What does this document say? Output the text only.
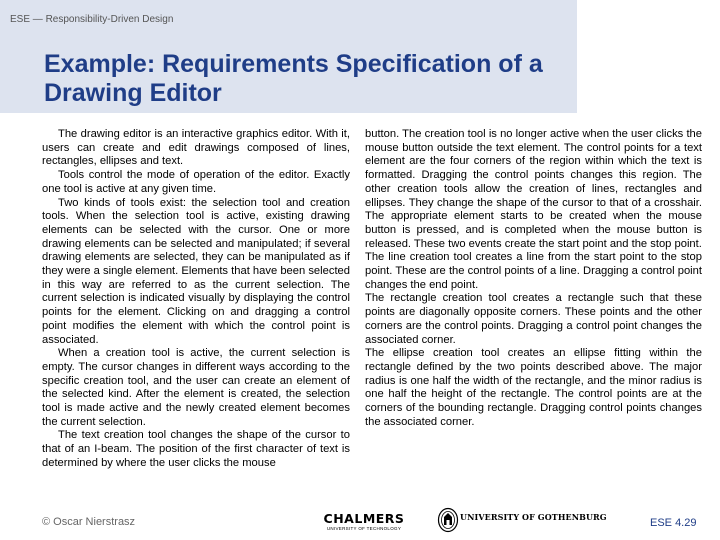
ESE — Responsibility-Driven Design
Example: Requirements Specification of a
Drawing Editor

The drawing editor is an interactive graphics editor. With it, users can create and edit drawings composed of lines, rectangles, ellipses and text.

Tools control the mode of operation of the editor. Exactly one tool is active at any given time.

Two kinds of tools exist: the selection tool and creation tools. When the selection tool is active, existing drawing elements can be selected with the cursor. One or more drawing elements can be selected and manipulated; if several drawing elements are selected, they can be manipulated as if they were a single element. Elements that have been selected in this way are referred to as the current selection. The current selection is indicated visually by displaying the control points for the element. Clicking on and dragging a control point modifies the element with which the control point is associated.

When a creation tool is active, the current selection is empty. The cursor changes in different ways according to the specific creation tool, and the user can create an element of the selected kind. After the element is created, the selection tool is made active and the newly created element becomes the current selection.

The text creation tool changes the shape of the cursor to that of an I-beam. The position of the first character of text is determined by where the user clicks the mouse

button. The creation tool is no longer active when the user clicks the mouse button outside the text element. The control points for a text element are the four corners of the region within which the text is formatted. Dragging the control points changes this region. The other creation tools allow the creation of lines, rectangles and ellipses. They change the shape of the cursor to that of a crosshair. The appropriate element starts to be created when the mouse button is pressed, and is completed when the mouse button is released. These two events create the start point and the stop point.

The line creation tool creates a line from the start point to the stop point. These are the control points of a line. Dragging a control point changes the end point.

The rectangle creation tool creates a rectangle such that these points are diagonally opposite corners. These points and the other corners are the control points. Dragging a control point changes the associated corner.

The ellipse creation tool creates an ellipse fitting within the rectangle defined by the two points described above. The major radius is one half the width of the rectangle, and the minor radius is one half the height of the rectangle. The control points are at the corners of the bounding rectangle. Dragging control points changes the associated corner.

© Oscar Nierstrasz	CHALMERS
UNIVERSITY OF TECHNOLOGY
UNIVERSITY OF GOTHENBURG	ESE 4.29
